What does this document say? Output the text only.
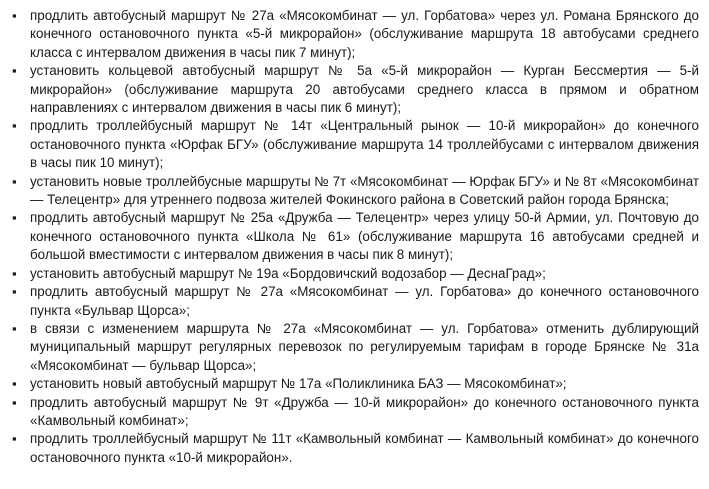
▪ продлить автобусный маршрут № 27а «Мясокомбинат — ул. Горбатова» через ул. Романа Брянского до конечного остановочного пункта «5-й микрорайон» (обслуживание маршрута 18 автобусами среднего класса с интервалом движения в часы пик 7 минут);
▪ установить кольцевой автобусный маршрут № 5а «5-й микрорайон — Курган Бессмертия — 5-й микрорайон» (обслуживание маршрута 20 автобусами среднего класса в прямом и обратном направлениях с интервалом движения в часы пик 6 минут);
▪ продлить троллейбусный маршрут № 14т «Центральный рынок — 10-й микрорайон» до конечного остановочного пункта «Юрфак БГУ» (обслуживание маршрута 14 троллейбусами с интервалом движения в часы пик 10 минут);
▪ установить новые троллейбусные маршруты № 7т «Мясокомбинат — Юрфак БГУ» и № 8т «Мясокомбинат — Телецентр» для утреннего подвоза жителей Фокинского района в Советский район города Брянска;
▪ продлить автобусный маршрут № 25а «Дружба — Телецентр» через улицу 50-й Армии, ул. Почтовую до конечного остановочного пункта «Школа № 61» (обслуживание маршрута 16 автобусами средней и большой вместимости с интервалом движения в часы пик 8 минут);
▪ установить автобусный маршрут № 19а «Бордовичский водозабор — ДеснаГрад»;
▪ продлить автобусный маршрут № 27а «Мясокомбинат — ул. Горбатова» до конечного остановочного пункта «Бульвар Щорса»;
▪ в связи с изменением маршрута № 27а «Мясокомбинат — ул. Горбатова» отменить дублирующий муниципальный маршрут регулярных перевозок по регулируемым тарифам в городе Брянске № 31а «Мясокомбинат — бульвар Щорса»;
▪ установить новый автобусный маршрут № 17а «Поликлиника БАЗ — Мясокомбинат»;
▪ продлить автобусный маршрут № 9т «Дружба — 10-й микрорайон» до конечного остановочного пункта «Камвольный комбинат»;
▪ продлить троллейбусный маршрут № 11т «Камвольный комбинат — Камвольный комбинат» до конечного остановочного пункта «10-й микрорайон».
